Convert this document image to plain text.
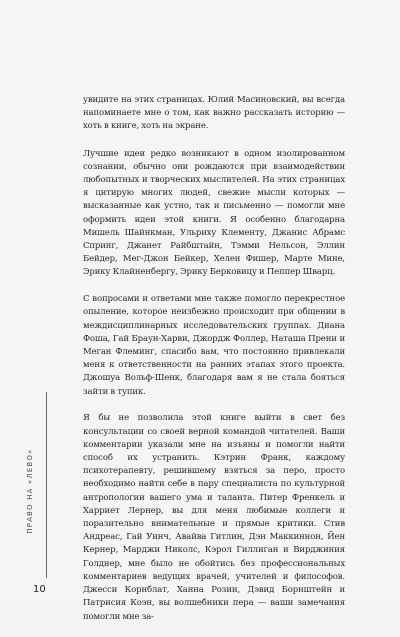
увидите на этих страницах. Юлий Масиновский, вы всегда напоминаете мне о том, как важно рассказать историю — хоть в книге, хоть на экране.

Лучшие идеи редко возникают в одном изолированном сознании, обычно они рождаются при взаимодействии любопытных и творческих мыслителей. На этих страницах я цитирую многих людей, свежие мысли которых — высказанные как устно, так и письменно — помогли мне оформить идеи этой книги. Я особенно благодарна Мишель Шайнкман, Ульриху Клементу, Джанис Абрамс Спринг, Джанет Райбштайн, Тэмми Нельсон, Эллин Бейдер, Мег-Джон Бейкер, Хелен Фишер, Марте Мине, Эрику Клайненбергу, Эрику Берковицу и Пеппер Шварц.

С вопросами и ответами мне также помогло перекрестное опыление, которое неизбежно происходит при общении в междисциплинарных исследовательских группах. Диана Фоша, Гай Браун-Харви, Джордж Фоллер, Наташа Прени и Меган Флеминг, спасибо вам, что постоянно привлекали меня к ответственности на ранних этапах этого проекта. Джошуа Вольф-Шенк, благодаря вам я не стала бояться зайти в тупик.

Я бы не позволила этой книге выйти в свет без консультации со своей верной командой читателей. Ваши комментарии указали мне на изъяны и помогли найти способ их устранить. Кэтрин Франк, каждому психотерапевту, решившему взяться за перо, просто необходимо найти себе в пару специалиста по культурной антропологии вашего ума и таланта. Питер Френкель и Харриет Лернер, вы для меня любимые коллеги и поразительно внимательные и прямые критики. Стив Андреас, Гай Уинч, Авайва Гитлин, Дэн Маккиннон, Йен Кернер, Марджи Николс, Кэрол Гиллиган и Вирджиния Голднер, мне было не обойтись без профессиональных комментариев ведущих врачей, учителей и философов. Джесси Корнблат, Ханна Розин, Дэвид Борнштейн и Патрисия Коэн, вы волшебники пера — ваши замечания помогли мне за-

ПРАВО НА «ЛЕВО»
10
